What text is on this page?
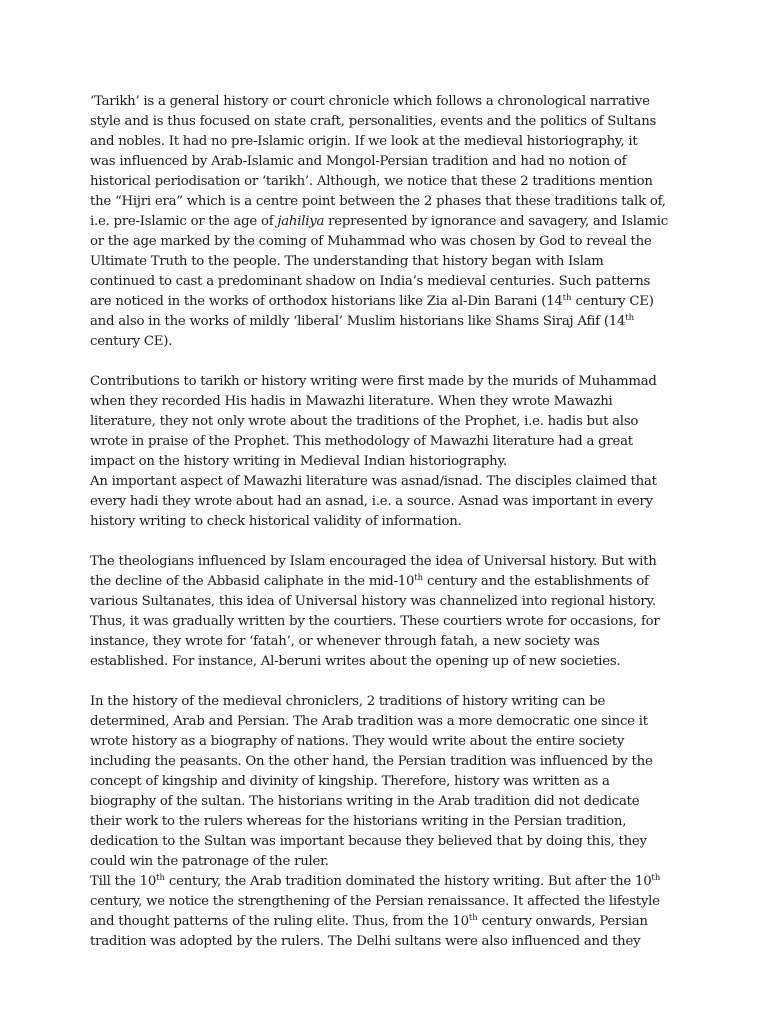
‘Tarikh’ is a general history or court chronicle which follows a chronological narrative
style and is thus focused on state craft, personalities, events and the politics of Sultans
and nobles. It had no pre-Islamic origin. If we look at the medieval historiography, it
was influenced by Arab-Islamic and Mongol-Persian tradition and had no notion of
historical periodisation or ‘tarikh’. Although, we notice that these 2 traditions mention
the “Hijri era” which is a centre point between the 2 phases that these traditions talk of,
i.e. pre-Islamic or the age of jahiliya represented by ignorance and savagery, and Islamic
or the age marked by the coming of Muhammad who was chosen by God to reveal the
Ultimate Truth to the people. The understanding that history began with Islam
continued to cast a predominant shadow on India’s medieval centuries. Such patterns
are noticed in the works of orthodox historians like Zia al-Din Barani (14th century CE)
and also in the works of mildly ‘liberal’ Muslim historians like Shams Siraj Afif (14th
century CE).
Contributions to tarikh or history writing were first made by the murids of Muhammad
when they recorded His hadis in Mawazhi literature. When they wrote Mawazhi
literature, they not only wrote about the traditions of the Prophet, i.e. hadis but also
wrote in praise of the Prophet. This methodology of Mawazhi literature had a great
impact on the history writing in Medieval Indian historiography.
An important aspect of Mawazhi literature was asnad/isnad. The disciples claimed that
every hadi they wrote about had an asnad, i.e. a source. Asnad was important in every
history writing to check historical validity of information.
The theologians influenced by Islam encouraged the idea of Universal history. But with
the decline of the Abbasid caliphate in the mid-10th century and the establishments of
various Sultanates, this idea of Universal history was channelized into regional history.
Thus, it was gradually written by the courtiers. These courtiers wrote for occasions, for
instance, they wrote for ‘fatah’, or whenever through fatah, a new society was
established. For instance, Al-beruni writes about the opening up of new societies.
In the history of the medieval chroniclers, 2 traditions of history writing can be
determined, Arab and Persian. The Arab tradition was a more democratic one since it
wrote history as a biography of nations. They would write about the entire society
including the peasants. On the other hand, the Persian tradition was influenced by the
concept of kingship and divinity of kingship. Therefore, history was written as a
biography of the sultan. The historians writing in the Arab tradition did not dedicate
their work to the rulers whereas for the historians writing in the Persian tradition,
dedication to the Sultan was important because they believed that by doing this, they
could win the patronage of the ruler.
Till the 10th century, the Arab tradition dominated the history writing. But after the 10th
century, we notice the strengthening of the Persian renaissance. It affected the lifestyle
and thought patterns of the ruling elite. Thus, from the 10th century onwards, Persian
tradition was adopted by the rulers. The Delhi sultans were also influenced and they
